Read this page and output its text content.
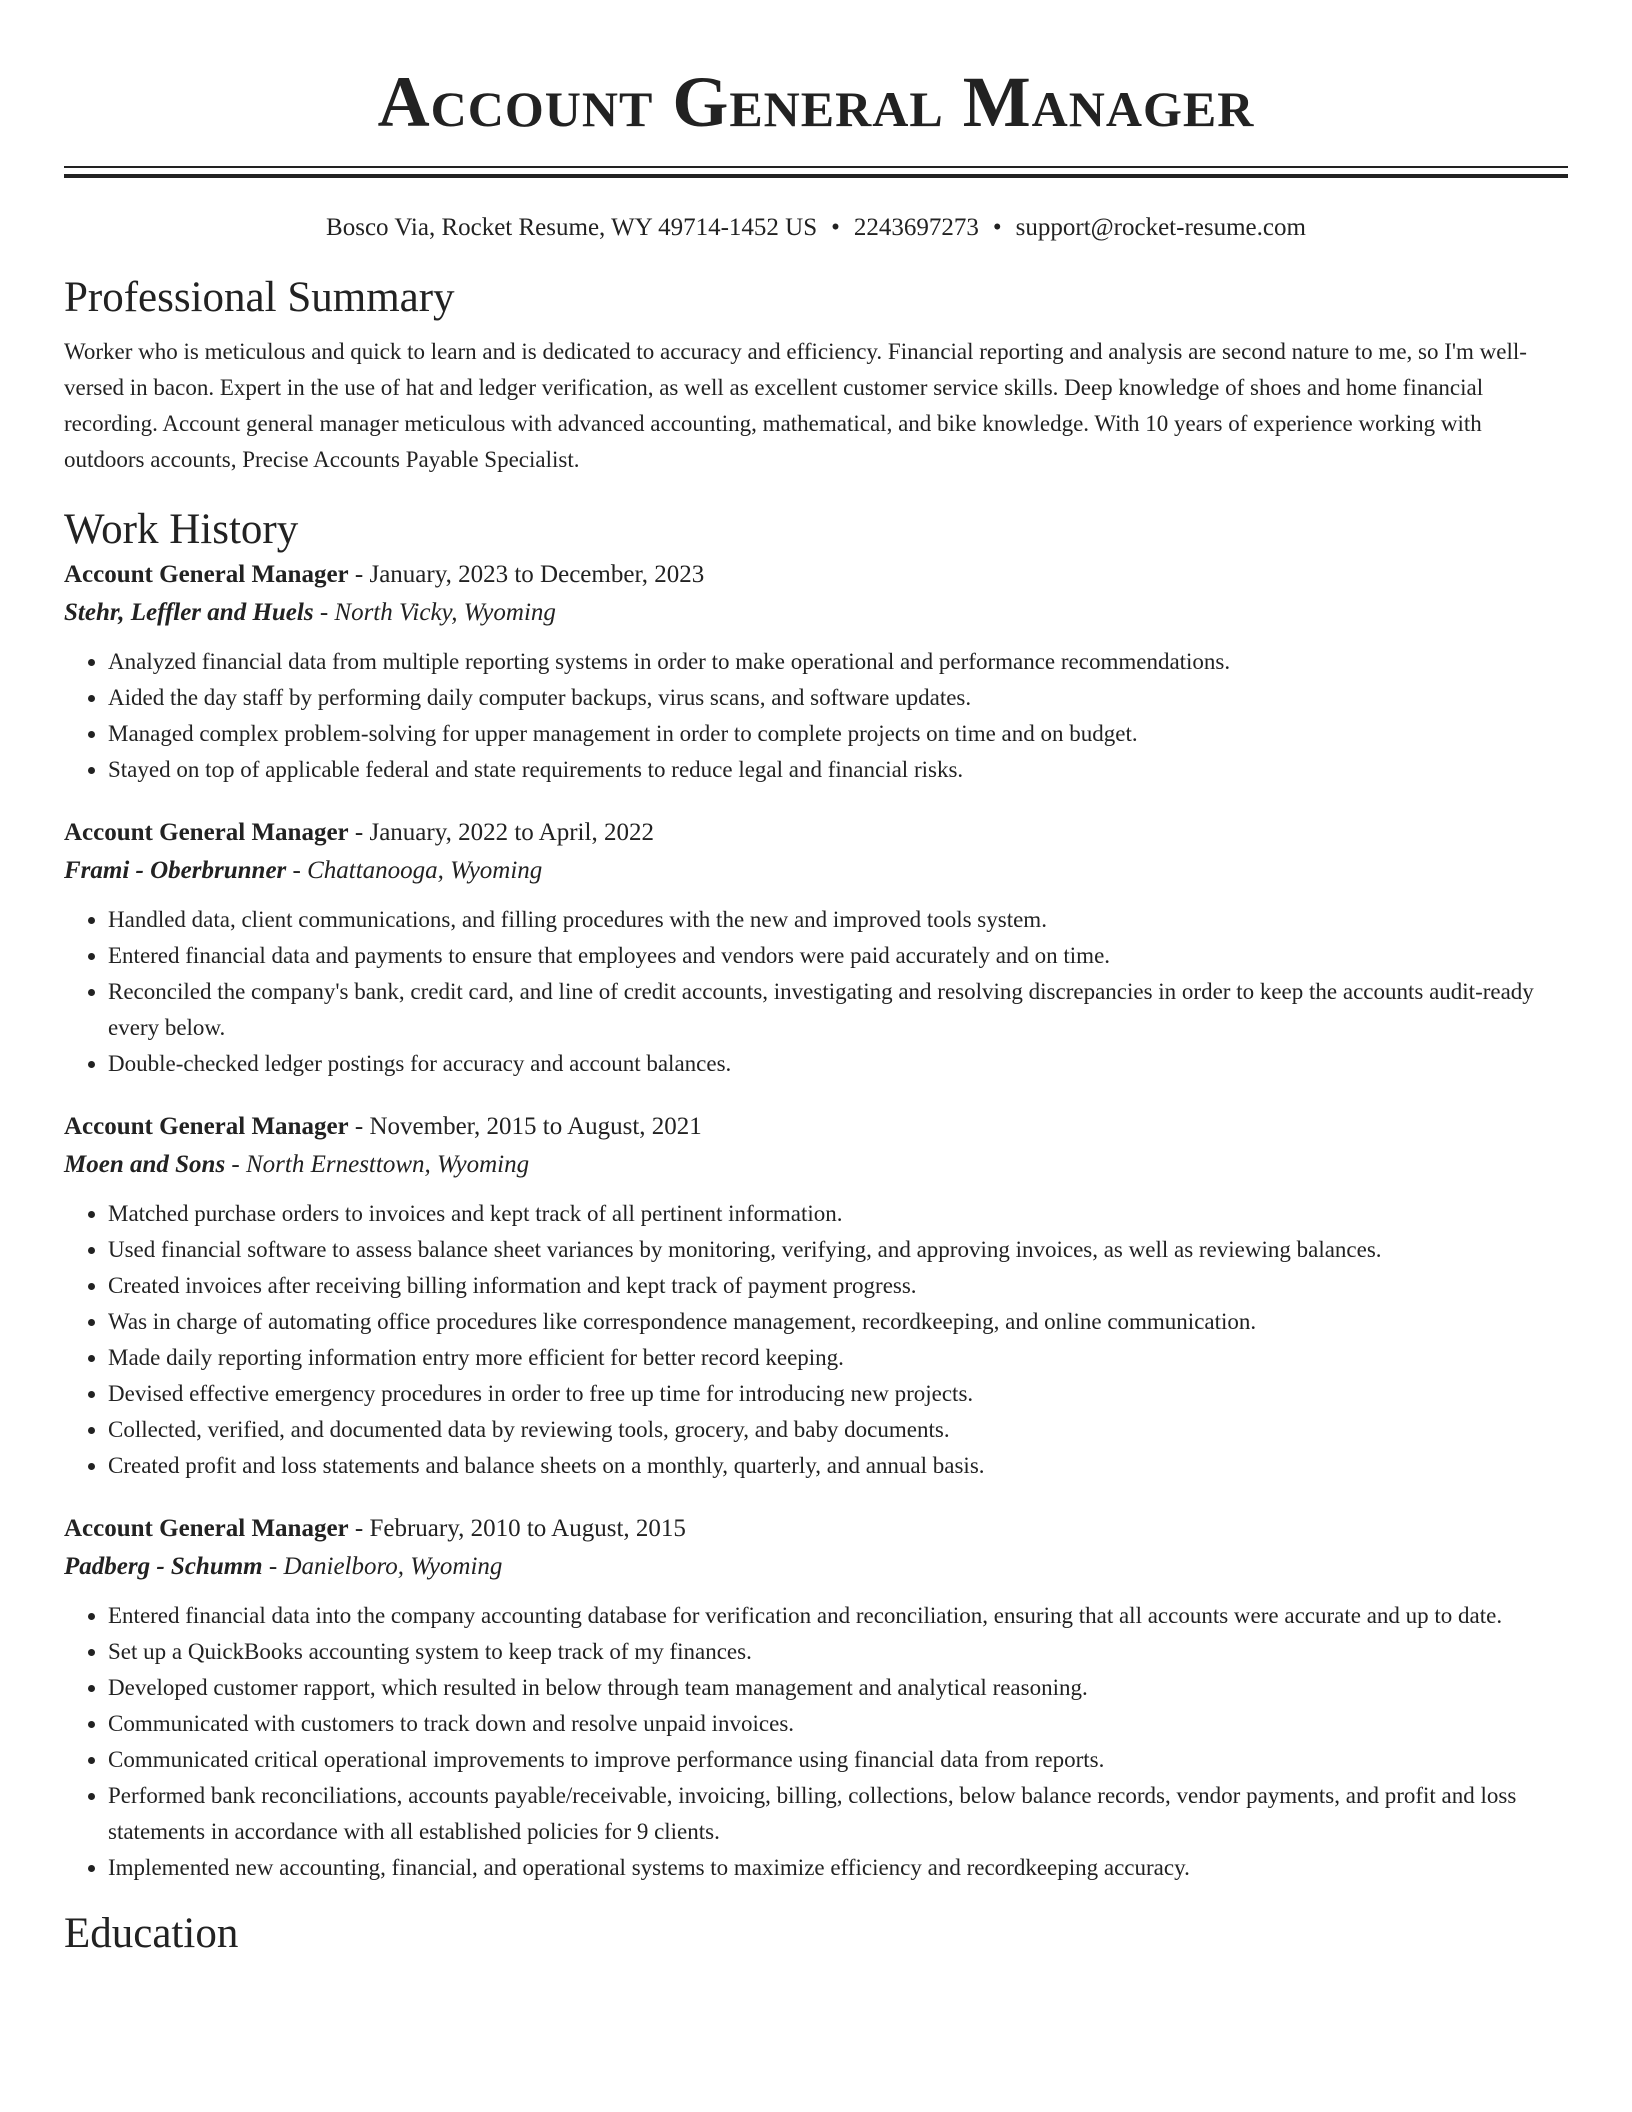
Account General Manager
Bosco Via, Rocket Resume, WY 49714-1452 US • 2243697273 • support@rocket-resume.com
Professional Summary

Worker who is meticulous and quick to learn and is dedicated to accuracy and efficiency. Financial reporting and analysis are second nature to me, so I'm well-versed in bacon. Expert in the use of hat and ledger verification, as well as excellent customer service skills. Deep knowledge of shoes and home financial recording. Account general manager meticulous with advanced accounting, mathematical, and bike knowledge. With 10 years of experience working with outdoors accounts, Precise Accounts Payable Specialist.

Work History
Account General Manager - January, 2023 to December, 2023
Stehr, Leffler and Huels - North Vicky, Wyoming
• Analyzed financial data from multiple reporting systems in order to make operational and performance recommendations.
• Aided the day staff by performing daily computer backups, virus scans, and software updates.
• Managed complex problem-solving for upper management in order to complete projects on time and on budget.
• Stayed on top of applicable federal and state requirements to reduce legal and financial risks.
Account General Manager - January, 2022 to April, 2022
Frami - Oberbrunner - Chattanooga, Wyoming
• Handled data, client communications, and filling procedures with the new and improved tools system.
• Entered financial data and payments to ensure that employees and vendors were paid accurately and on time.
• Reconciled the company's bank, credit card, and line of credit accounts, investigating and resolving discrepancies in order to keep the accounts audit-ready every below.
• Double-checked ledger postings for accuracy and account balances.
Account General Manager - November, 2015 to August, 2021
Moen and Sons - North Ernesttown, Wyoming
• Matched purchase orders to invoices and kept track of all pertinent information.
• Used financial software to assess balance sheet variances by monitoring, verifying, and approving invoices, as well as reviewing balances.
• Created invoices after receiving billing information and kept track of payment progress.
• Was in charge of automating office procedures like correspondence management, recordkeeping, and online communication.
• Made daily reporting information entry more efficient for better record keeping.
• Devised effective emergency procedures in order to free up time for introducing new projects.
• Collected, verified, and documented data by reviewing tools, grocery, and baby documents.
• Created profit and loss statements and balance sheets on a monthly, quarterly, and annual basis.
Account General Manager - February, 2010 to August, 2015
Padberg - Schumm - Danielboro, Wyoming
• Entered financial data into the company accounting database for verification and reconciliation, ensuring that all accounts were accurate and up to date.
• Set up a QuickBooks accounting system to keep track of my finances.
• Developed customer rapport, which resulted in below through team management and analytical reasoning.
• Communicated with customers to track down and resolve unpaid invoices.
• Communicated critical operational improvements to improve performance using financial data from reports.
• Performed bank reconciliations, accounts payable/receivable, invoicing, billing, collections, below balance records, vendor payments, and profit and loss statements in accordance with all established policies for 9 clients.
• Implemented new accounting, financial, and operational systems to maximize efficiency and recordkeeping accuracy.
Education
